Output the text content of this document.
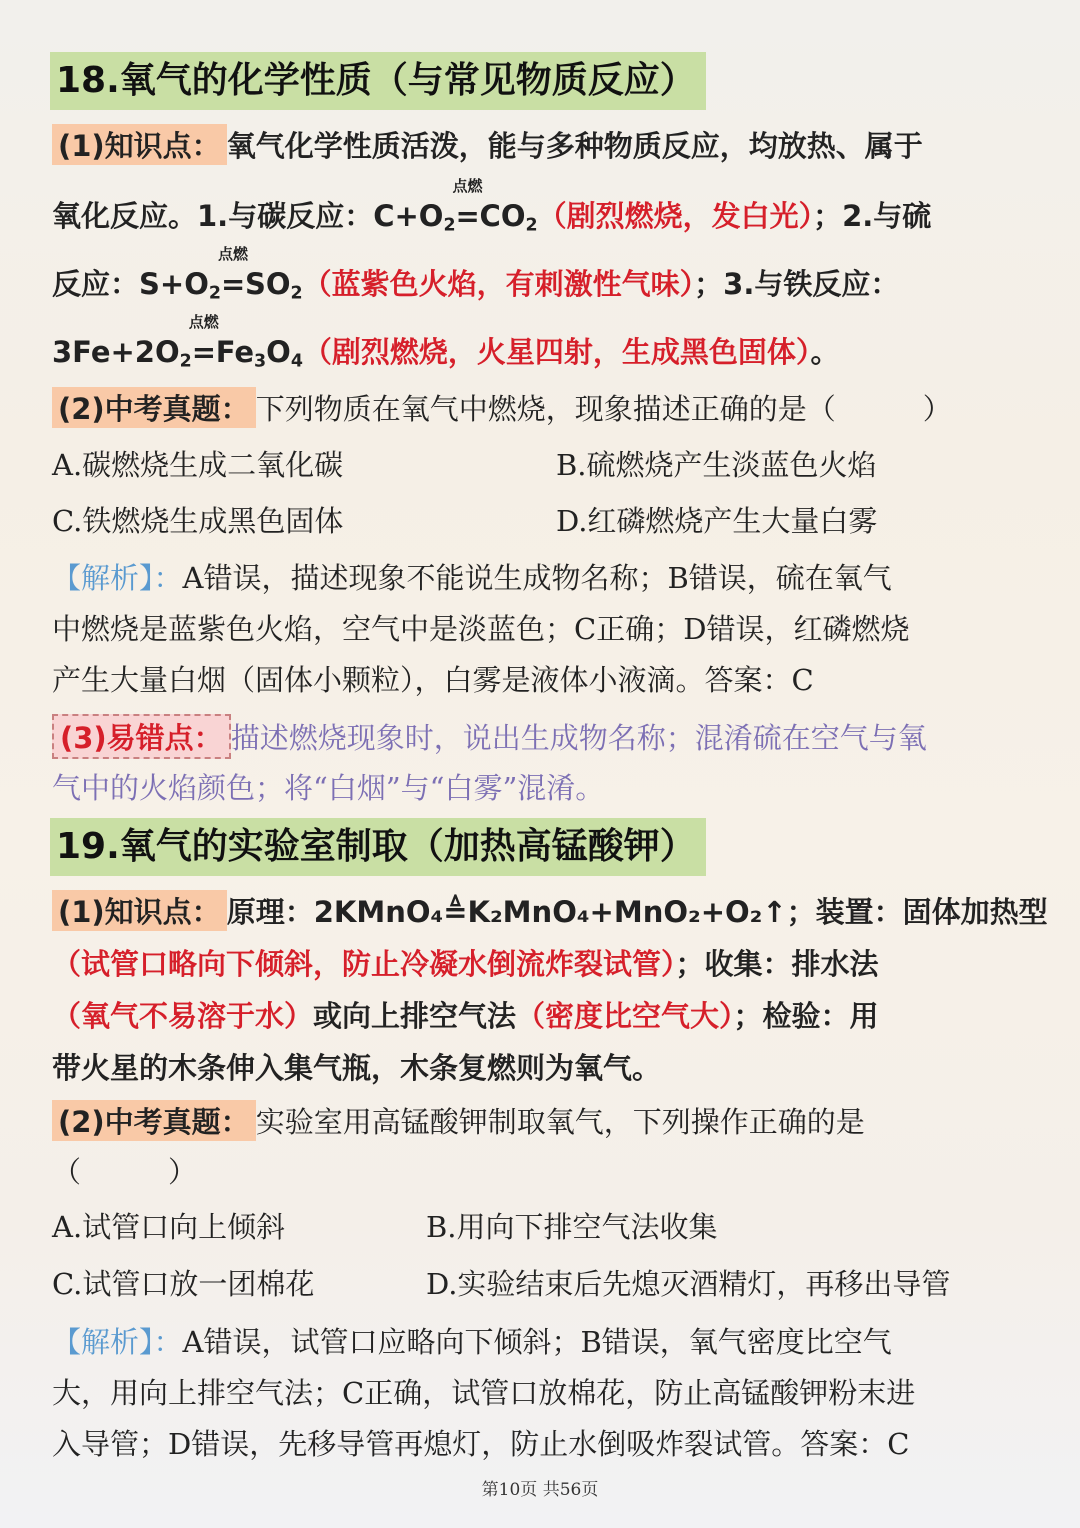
18.氧气的化学性质（与常见物质反应）
(1)知识点： 氧气化学性质活泼，能与多种物质反应，均放热、属于
氧化反应。1.与碳反应：$C+O_2$
点燃
$=CO_2$（剧烈燃烧，发白光）；2.与硫
反应：$S+O_2$
点燃
$=SO_2$（蓝紫色火焰，有刺激性气味）；3.与铁反应：
$3Fe+2O_2$
点燃
$=Fe_3O_4$（剧烈燃烧，火星四射，生成黑色固体）。
(2)中考真题： 下列物质在氧气中燃烧，现象描述正确的是（　　　）
A.碳燃烧生成二氧化碳	B.硫燃烧产生淡蓝色火焰
C.铁燃烧生成黑色固体	D.红磷燃烧产生大量白雾
【解析】：A错误，描述现象不能说生成物名称；B错误，硫在氧气
中燃烧是蓝紫色火焰，空气中是淡蓝色；C正确；D错误，红磷燃烧
产生大量白烟（固体小颗粒），白雾是液体小液滴。答案：C
(3)易错点： 描述燃烧现象时，说出生成物名称；混淆硫在空气与氧
气中的火焰颜色；将“白烟”与“白雾”混淆。
19.氧气的实验室制取（加热高锰酸钾）
(1)知识点： 原理：2KMnO₄≜K₂MnO₄+MnO₂+O₂↑；装置：固体加热型
（试管口略向下倾斜，防止冷凝水倒流炸裂试管）；收集：排水法
（氧气不易溶于水）或向上排空气法（密度比空气大）；检验：用
带火星的木条伸入集气瓶，木条复燃则为氧气。
(2)中考真题： 实验室用高锰酸钾制取氧气，下列操作正确的是
（　　　）
A.试管口向上倾斜	B.用向下排空气法收集
C.试管口放一团棉花	D.实验结束后先熄灭酒精灯，再移出导管
【解析】：A错误，试管口应略向下倾斜；B错误，氧气密度比空气
大，用向上排空气法；C正确，试管口放棉花，防止高锰酸钾粉末进
入导管；D错误，先移导管再熄灯，防止水倒吸炸裂试管。答案：C
第10页 共56页
